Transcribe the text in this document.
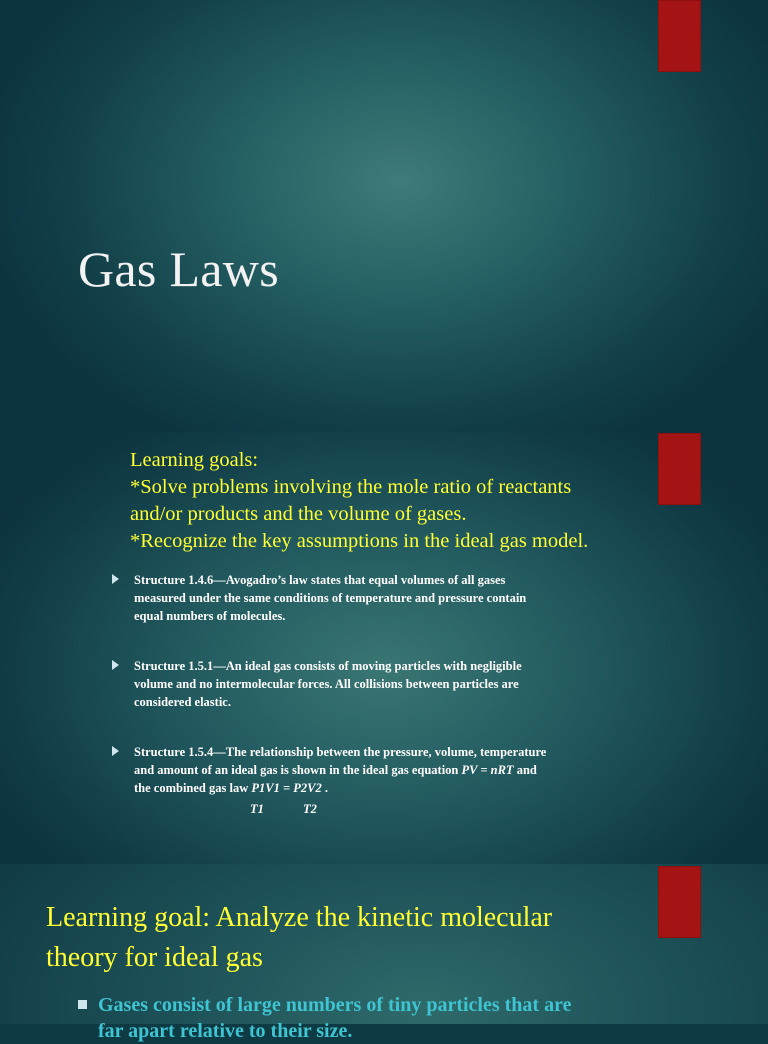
Gas Laws
Learning goals:
*Solve problems involving the mole ratio of reactants
and/or products and the volume of gases.
*Recognize the key assumptions in the ideal gas model.
Structure 1.4.6—Avogadro’s law states that equal volumes of all gases
measured under the same conditions of temperature and pressure contain
equal numbers of molecules.
Structure 1.5.1—An ideal gas consists of moving particles with negligible
volume and no intermolecular forces. All collisions between particles are
considered elastic.
Structure 1.5.4—The relationship between the pressure, volume, temperature
and amount of an ideal gas is shown in the ideal gas equation PV = nRT and
the combined gas law P1V1 = P2V2 .
T1	T2
Learning goal: Analyze the kinetic molecular
theory for ideal gas
Gases consist of large numbers of tiny particles that are
far apart relative to their size.
